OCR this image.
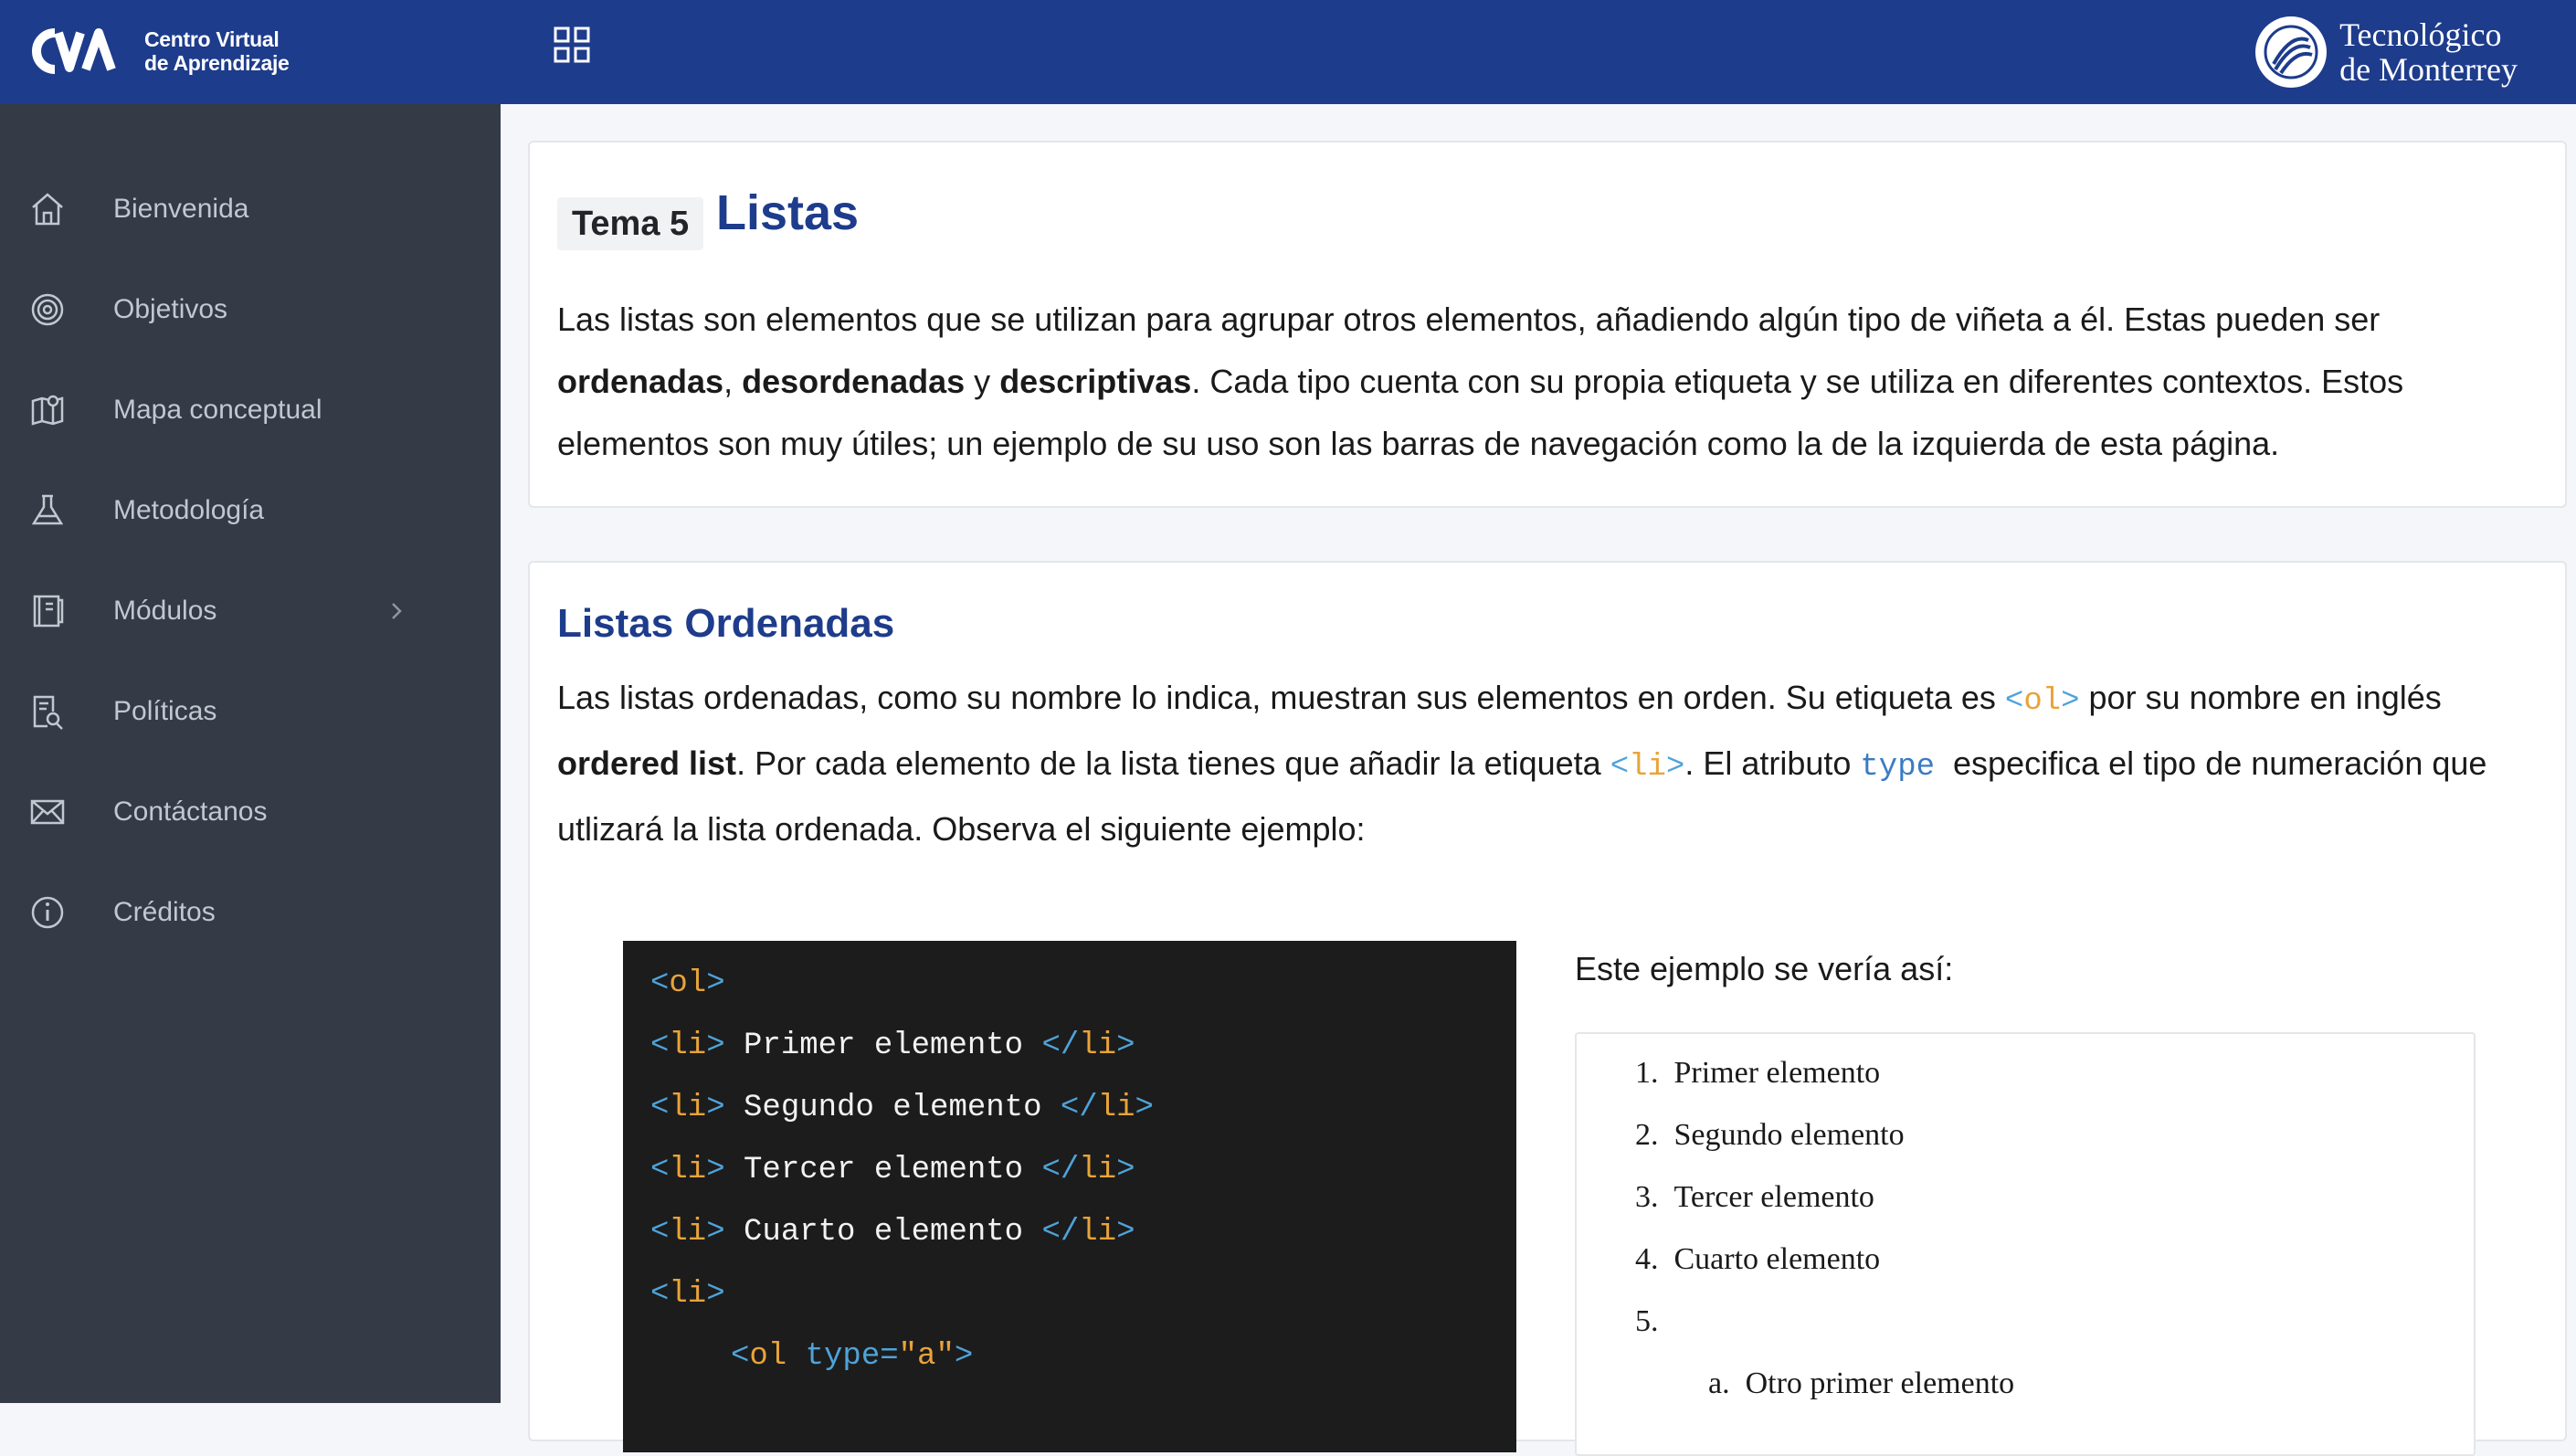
Centro Virtual
de Aprendizaje
Tecnológico
de Monterrey
Bienvenida
Objetivos
Mapa conceptual
Metodología
Módulos
Políticas
Contáctanos
Créditos
Tema 5 Listas
Las listas son elementos que se utilizan para agrupar otros elementos, añadiendo algún tipo de viñeta a él. Estas pueden ser ordenadas, desordenadas y descriptivas. Cada tipo cuenta con su propia etiqueta y se utiliza en diferentes contextos. Estos elementos son muy útiles; un ejemplo de su uso son las barras de navegación como la de la izquierda de esta página.
Listas Ordenadas
Las listas ordenadas, como su nombre lo indica, muestran sus elementos en orden. Su etiqueta es <ol> por su nombre en inglés ordered list. Por cada elemento de la lista tienes que añadir la etiqueta <li>. El atributo type  especifica el tipo de numeración que utlizará la lista ordenada. Observa el siguiente ejemplo:
<ol>
<li> Primer elemento </li>
<li> Segundo elemento </li>
<li> Tercer elemento </li>
<li> Cuarto elemento </li>
<li>
<ol type="a">
Este ejemplo se vería así:
1. Primer elemento
2. Segundo elemento
3. Tercer elemento
4. Cuarto elemento
5.
a. Otro primer elemento
